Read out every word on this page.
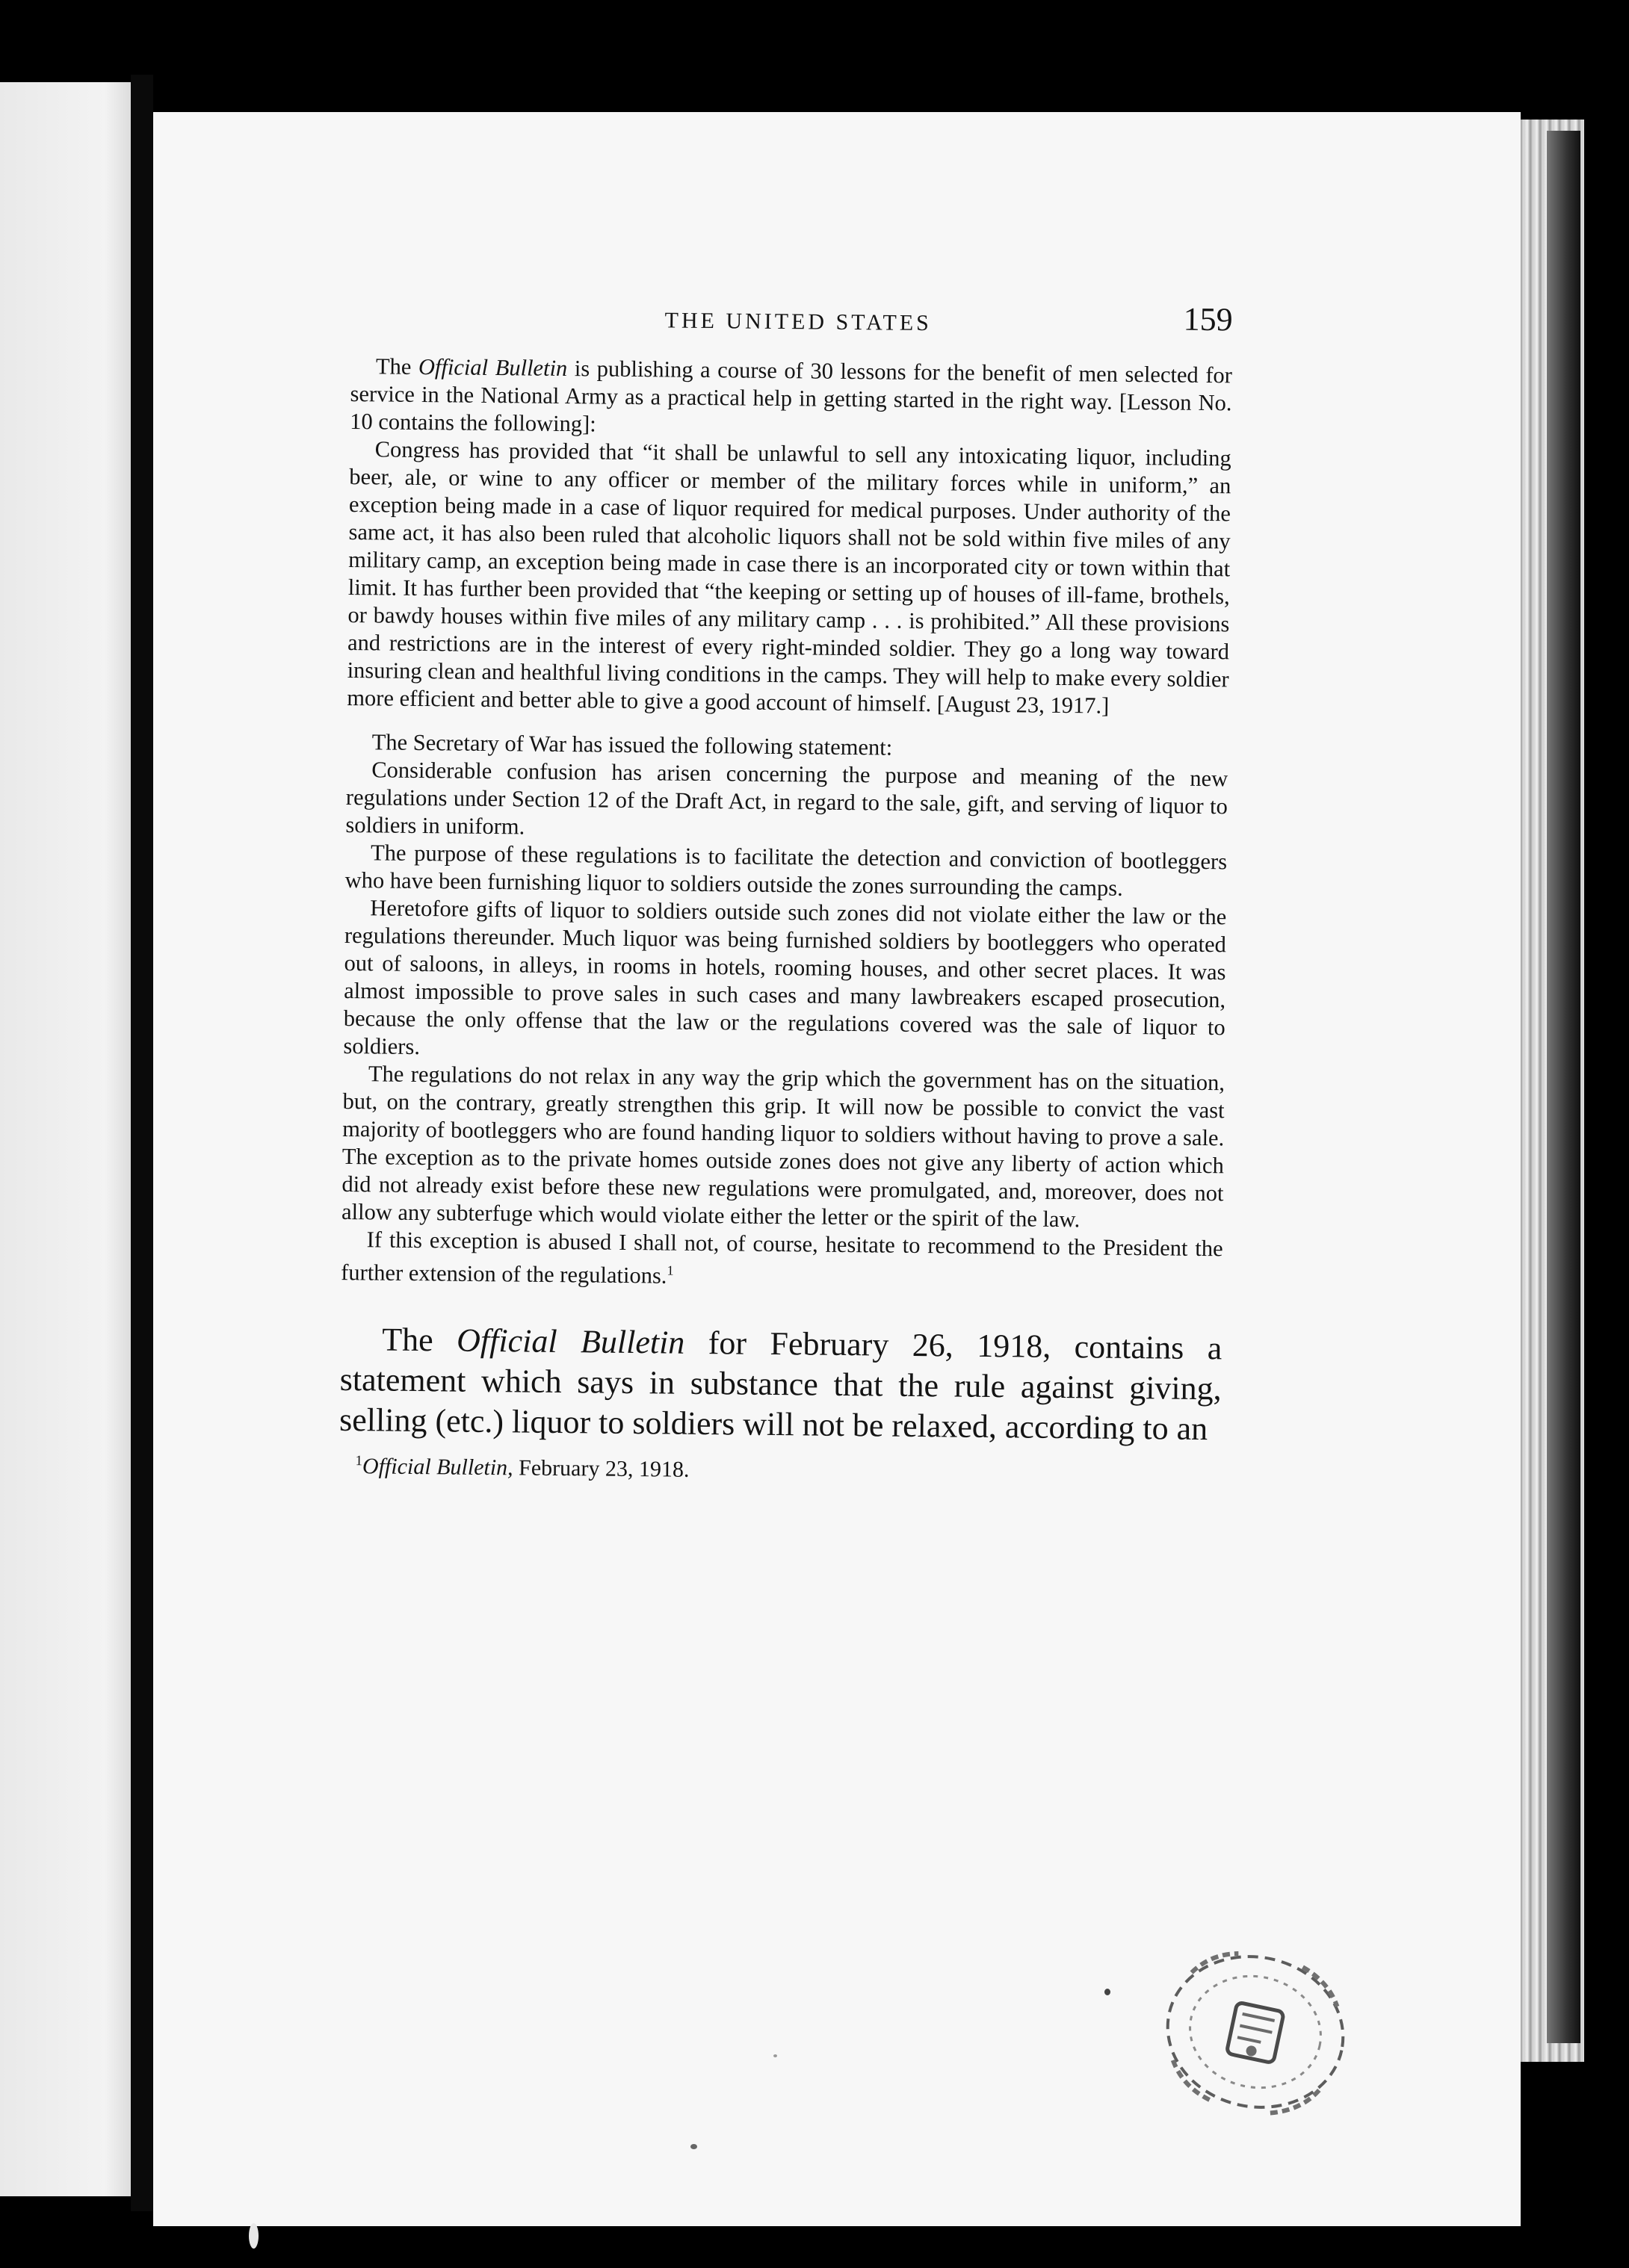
THE UNITED STATES	159

The Official Bulletin is publishing a course of 30 lessons for the benefit of men selected for service in the National Army as a practical help in getting started in the right way. [Lesson No. 10 contains the following]:

Congress has provided that “it shall be unlawful to sell any intoxicating liquor, including beer, ale, or wine to any officer or member of the military forces while in uniform,” an exception being made in a case of liquor required for medical purposes. Under authority of the same act, it has also been ruled that alcoholic liquors shall not be sold within five miles of any military camp, an exception being made in case there is an incorporated city or town within that limit. It has further been provided that “the keeping or setting up of houses of ill-fame, brothels, or bawdy houses within five miles of any military camp . . . is prohibited.” All these provisions and restrictions are in the interest of every right-minded soldier. They go a long way toward insuring clean and healthful living conditions in the camps. They will help to make every soldier more efficient and better able to give a good account of himself. [August 23, 1917.]

The Secretary of War has issued the following statement:

Considerable confusion has arisen concerning the purpose and meaning of the new regulations under Section 12 of the Draft Act, in regard to the sale, gift, and serving of liquor to soldiers in uniform.

The purpose of these regulations is to facilitate the detection and conviction of bootleggers who have been furnishing liquor to soldiers outside the zones surrounding the camps.

Heretofore gifts of liquor to soldiers outside such zones did not violate either the law or the regulations thereunder. Much liquor was being furnished soldiers by bootleggers who operated out of saloons, in alleys, in rooms in hotels, rooming houses, and other secret places. It was almost impossible to prove sales in such cases and many lawbreakers escaped prosecution, because the only offense that the law or the regulations covered was the sale of liquor to soldiers.

The regulations do not relax in any way the grip which the government has on the situation, but, on the contrary, greatly strengthen this grip. It will now be possible to convict the vast majority of bootleggers who are found handing liquor to soldiers without having to prove a sale. The exception as to the private homes outside zones does not give any liberty of action which did not already exist before these new regulations were promulgated, and, moreover, does not allow any subterfuge which would violate either the letter or the spirit of the law.

If this exception is abused I shall not, of course, hesitate to recommend to the President the further extension of the regulations.$^1$

The Official Bulletin for February 26, 1918, contains a statement which says in substance that the rule against giving, selling (etc.) liquor to soldiers will not be relaxed, according to an

$^1$Official Bulletin, February 23, 1918.
